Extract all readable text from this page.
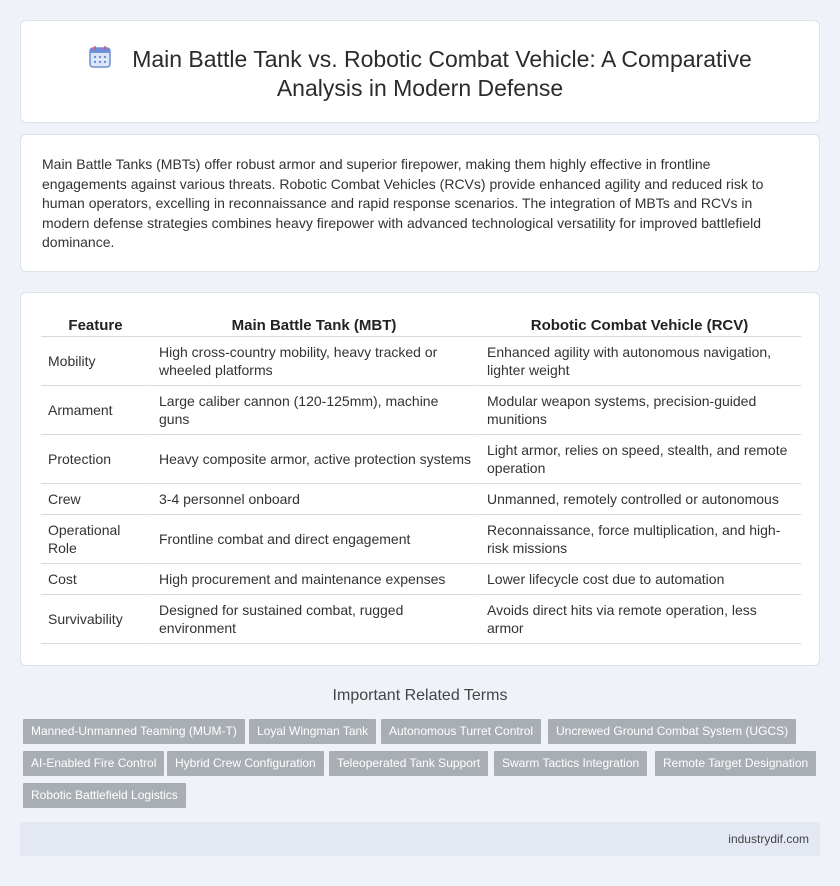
Main Battle Tank vs. Robotic Combat Vehicle: A Comparative
Analysis in Modern Defense

Main Battle Tanks (MBTs) offer robust armor and superior firepower, making them highly effective in frontline engagements against various threats. Robotic Combat Vehicles (RCVs) provide enhanced agility and reduced risk to human operators, excelling in reconnaissance and rapid response scenarios. The integration of MBTs and RCVs in modern defense strategies combines heavy firepower with advanced technological versatility for improved battlefield dominance.

Feature	Main Battle Tank (MBT)	Robotic Combat Vehicle (RCV)
Mobility	High cross-country mobility, heavy tracked or wheeled platforms	Enhanced agility with autonomous navigation, lighter weight
Armament	Large caliber cannon (120-125mm), machine guns	Modular weapon systems, precision-guided munitions
Protection	Heavy composite armor, active protection systems	Light armor, relies on speed, stealth, and remote operation
Crew	3-4 personnel onboard	Unmanned, remotely controlled or autonomous
Operational Role	Frontline combat and direct engagement	Reconnaissance, force multiplication, and high-risk missions
Cost	High procurement and maintenance expenses	Lower lifecycle cost due to automation
Survivability	Designed for sustained combat, rugged environment	Avoids direct hits via remote operation, less armor
Important Related Terms
Manned-Unmanned Teaming (MUM-T)	Loyal Wingman Tank	Autonomous Turret Control	Uncrewed Ground Combat System (UGCS)
AI-Enabled Fire Control	Hybrid Crew Configuration	Teleoperated Tank Support	Swarm Tactics Integration	Remote Target Designation
Robotic Battlefield Logistics
industrydif.com
